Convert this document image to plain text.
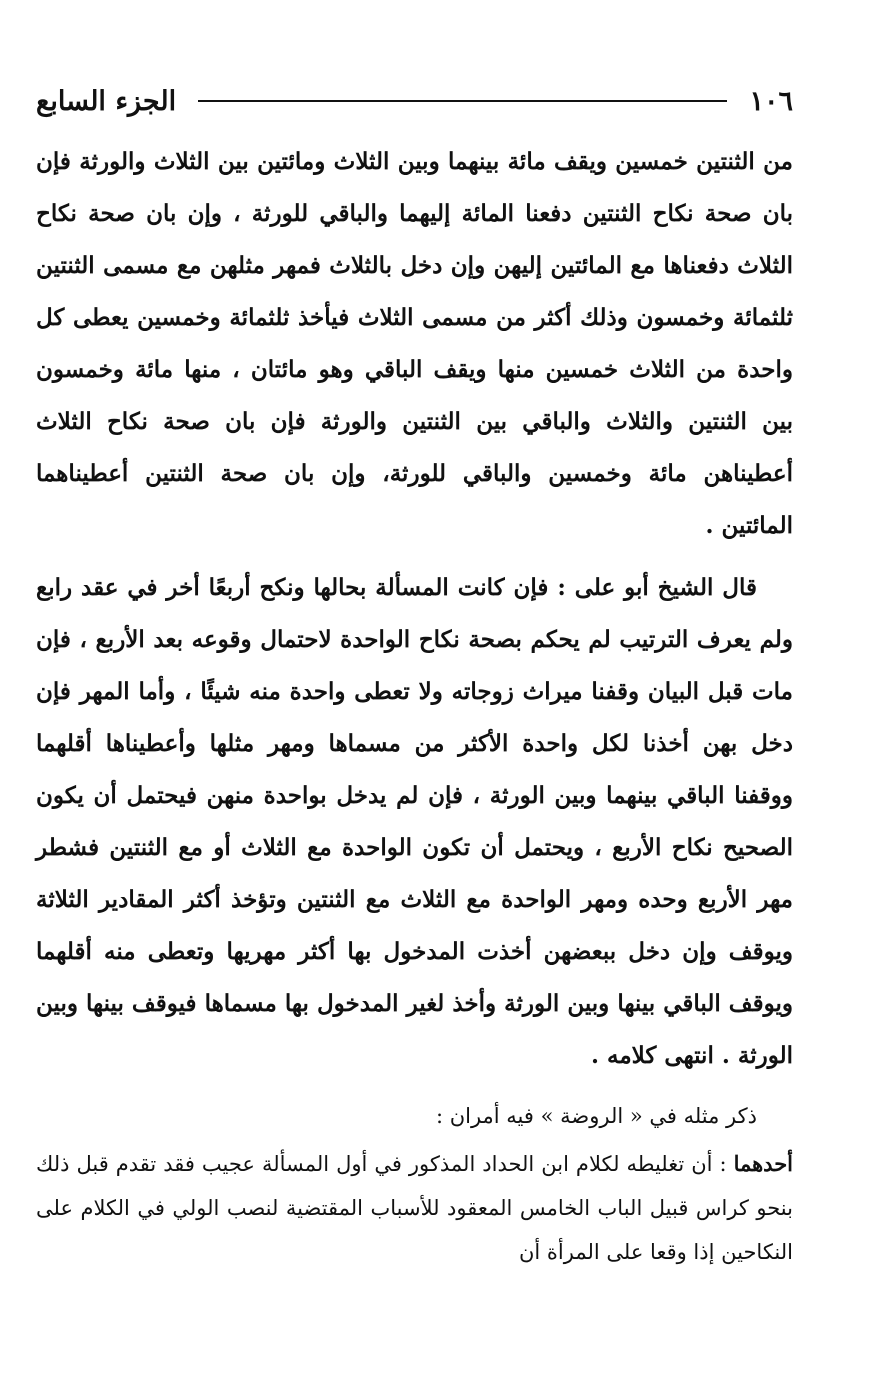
١٠٦
الجزء السابع

من الثنتين خمسين ويقف مائة بينهما وبين الثلاث ومائتين بين الثلاث والورثة فإن بان صحة نكاح الثنتين دفعنا المائة إليهما والباقي للورثة ، وإن بان صحة نكاح الثلاث دفعناها مع المائتين إليهن وإن دخل بالثلاث فمهر مثلهن مع مسمى الثنتين ثلثمائة وخمسون وذلك أكثر من مسمى الثلاث فيأخذ ثلثمائة وخمسين يعطى كل واحدة من الثلاث خمسين منها ويقف الباقي وهو مائتان ، منها مائة وخمسون بين الثنتين والثلاث والباقي بين الثنتين والورثة فإن بان صحة نكاح الثلاث أعطيناهن مائة وخمسين والباقي للورثة، وإن بان صحة الثنتين أعطيناهما المائتين .

قال الشيخ أبو على : فإن كانت المسألة بحالها ونكح أربعًا أخر في عقد رابع ولم يعرف الترتيب لم يحكم بصحة نكاح الواحدة لاحتمال وقوعه بعد الأربع ، فإن مات قبل البيان وقفنا ميراث زوجاته ولا تعطى واحدة منه شيئًا ، وأما المهر فإن دخل بهن أخذنا لكل واحدة الأكثر من مسماها ومهر مثلها وأعطيناها أقلهما ووقفنا الباقي بينهما وبين الورثة ، فإن لم يدخل بواحدة منهن فيحتمل أن يكون الصحيح نكاح الأربع ، ويحتمل أن تكون الواحدة مع الثلاث أو مع الثنتين فشطر مهر الأربع وحده ومهر الواحدة مع الثلاث مع الثنتين وتؤخذ أكثر المقادير الثلاثة ويوقف وإن دخل ببعضهن أخذت المدخول بها أكثر مهريها وتعطى منه أقلهما ويوقف الباقي بينها وبين الورثة وأخذ لغير المدخول بها مسماها فيوقف بينها وبين الورثة . انتهى كلامه .

ذكر مثله في « الروضة » فيه أمران :

أحدهما : أن تغليطه لكلام ابن الحداد المذكور في أول المسألة عجيب فقد تقدم قبل ذلك بنحو كراس قبيل الباب الخامس المعقود للأسباب المقتضية لنصب الولي في الكلام على النكاحين إذا وقعا على المرأة أن
